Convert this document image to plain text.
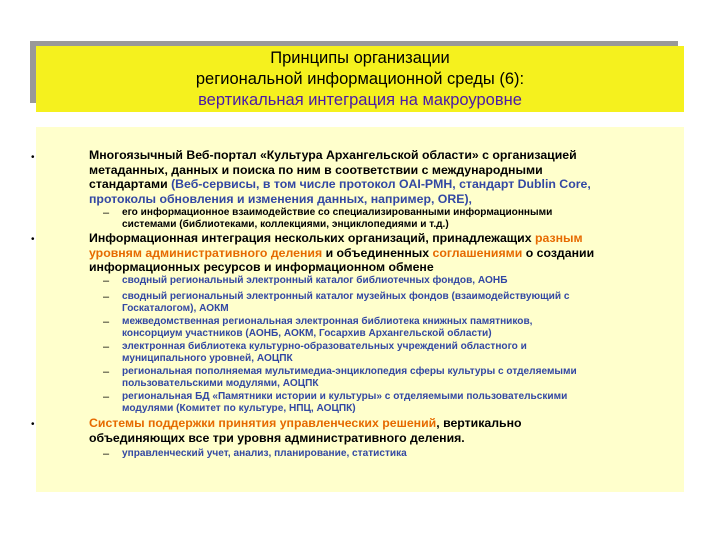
Принципы организации
региональной информационной среды (6):
вертикальная интеграция на макроуровне
•	Многоязычный Веб-портал «Культура Архангельской области» с организацией
метаданных, данных и поиска по ним в соответствии с международными
стандартами (Веб-сервисы, в том числе протокол OAI-PMH, стандарт Dublin Core,
протоколы обновления и изменения данных, например, ORE),
– его информационное взаимодействие со специализированными информационными
системами (библиотеками, коллекциями, энциклопедиями и т.д.)
•	Информационная интеграция нескольких организаций, принадлежащих разным
уровням административного деления и объединенных соглашениями о создании
информационных ресурсов и информационном обмене
– сводный региональный электронный каталог библиотечных фондов, АОНБ
– сводный региональный электронный каталог музейных фондов (взаимодействующий с
Госкаталогом), АОКМ
– межведомственная региональная электронная библиотека книжных памятников,
консорциум участников (АОНБ, АОКМ, Госархив Архангельской области)
– электронная библиотека культурно-образовательных учреждений областного и
муниципального уровней, АОЦПК
– региональная пополняемая мультимедиа-энциклопедия сферы культуры с отделяемыми
пользовательскими модулями, АОЦПК
– региональная БД «Памятники истории и культуры» с отделяемыми пользовательскими
модулями (Комитет по культуре, НПЦ, АОЦПК)
•	Системы поддержки принятия управленческих решений, вертикально
объединяющих все три уровня административного деления.
– управленческий учет, анализ, планирование, статистика
